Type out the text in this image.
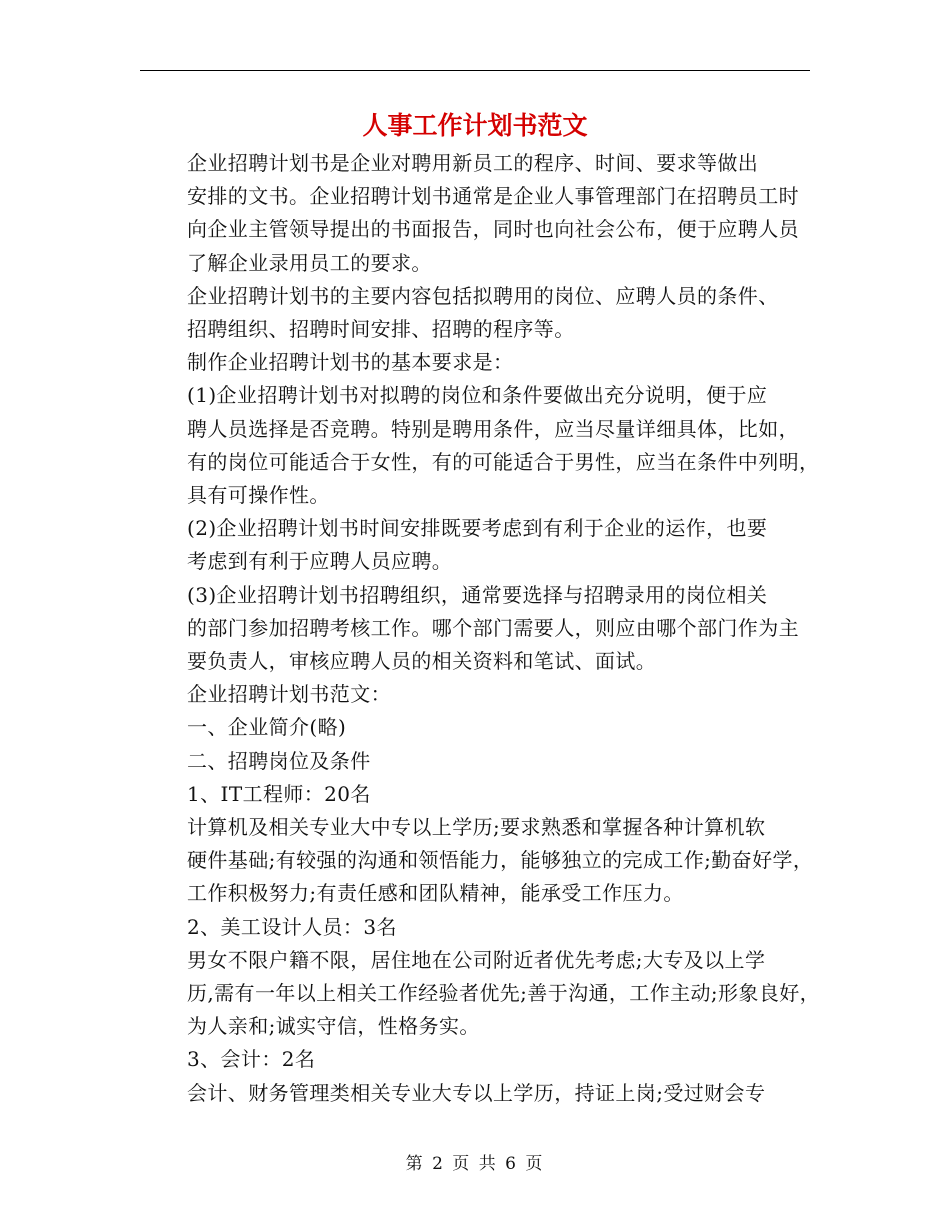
人事工作计划书范文

企业招聘计划书是企业对聘用新员工的程序、时间、要求等做出
安排的文书。企业招聘计划书通常是企业人事管理部门在招聘员工时
向企业主管领导提出的书面报告，同时也向社会公布，便于应聘人员
了解企业录用员工的要求。

企业招聘计划书的主要内容包括拟聘用的岗位、应聘人员的条件、
招聘组织、招聘时间安排、招聘的程序等。

制作企业招聘计划书的基本要求是：

(1)企业招聘计划书对拟聘的岗位和条件要做出充分说明，便于应
聘人员选择是否竞聘。特别是聘用条件，应当尽量详细具体，比如，
有的岗位可能适合于女性，有的可能适合于男性，应当在条件中列明，
具有可操作性。

(2)企业招聘计划书时间安排既要考虑到有利于企业的运作，也要
考虑到有利于应聘人员应聘。

(3)企业招聘计划书招聘组织，通常要选择与招聘录用的岗位相关
的部门参加招聘考核工作。哪个部门需要人，则应由哪个部门作为主
要负责人，审核应聘人员的相关资料和笔试、面试。

企业招聘计划书范文：

一、企业简介(略)

二、招聘岗位及条件

1、IT工程师：20名

计算机及相关专业大中专以上学历;要求熟悉和掌握各种计算机软
硬件基础;有较强的沟通和领悟能力，能够独立的完成工作;勤奋好学，
工作积极努力;有责任感和团队精神，能承受工作压力。

2、美工设计人员：3名

男女不限户籍不限，居住地在公司附近者优先考虑;大专及以上学
历,需有一年以上相关工作经验者优先;善于沟通，工作主动;形象良好，
为人亲和;诚实守信，性格务实。

3、会计：2名

会计、财务管理类相关专业大专以上学历，持证上岗;受过财会专

第 2 页 共 6 页
